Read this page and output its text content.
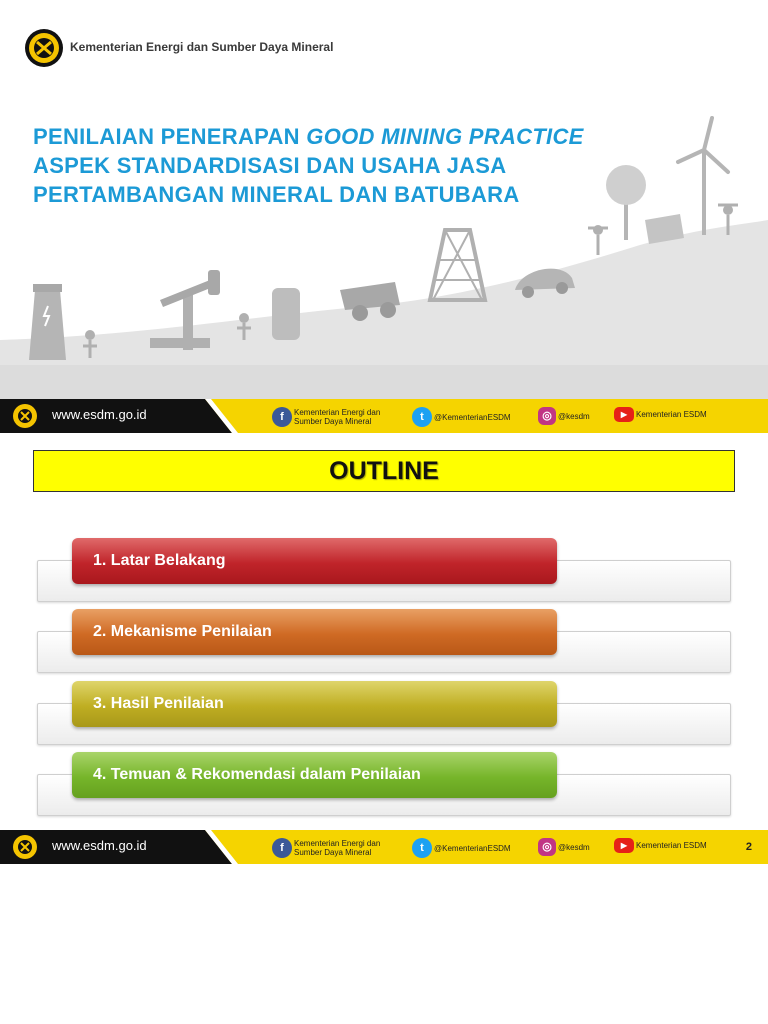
Kementerian Energi dan Sumber Daya Mineral
PENILAIAN PENERAPAN GOOD MINING PRACTICE
ASPEK STANDARDISASI DAN USAHA JASA
PERTAMBANGAN MINERAL DAN BATUBARA
www.esdm.go.id	f	Kementerian Energi dan
Sumber Daya Mineral	t	@KementerianESDM	◎ @kesdm	▶	Kementerian ESDM
OUTLINE
1. Latar Belakang
2. Mekanisme Penilaian
3. Hasil Penilaian
4. Temuan & Rekomendasi dalam Penilaian
www.esdm.go.id	f	Kementerian Energi dan
Sumber Daya Mineral	t	@KementerianESDM	◎ @kesdm	▶	Kementerian ESDM	2
